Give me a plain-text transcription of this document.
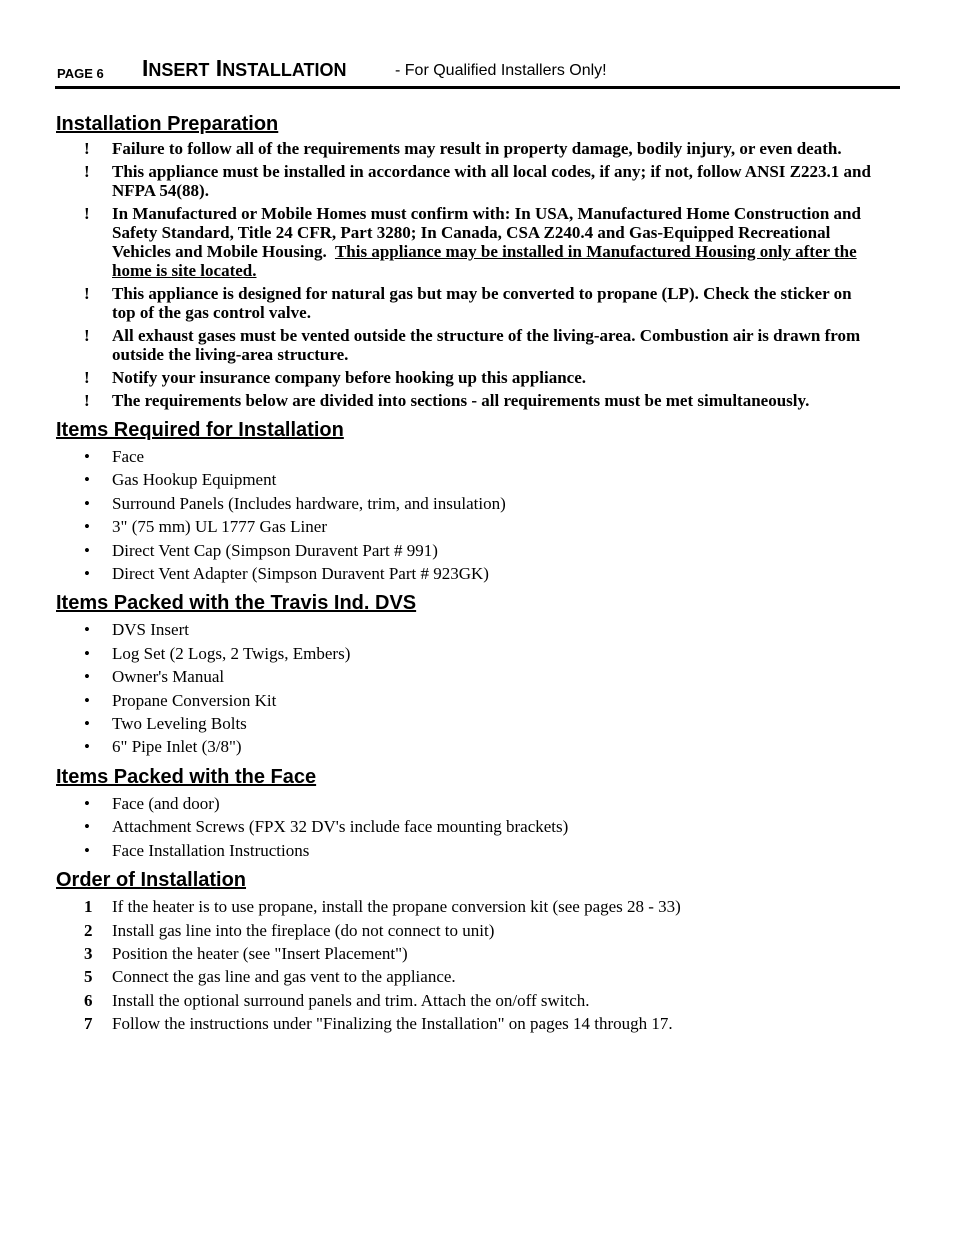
PAGE 6 INSERT INSTALLATION	- For Qualified Installers Only!
Installation Preparation
! Failure to follow all of the requirements may result in property damage, bodily injury, or even death.
! This appliance must be installed in accordance with all local codes, if any; if not, follow ANSI Z223.1 and NFPA 54(88).
! In Manufactured or Mobile Homes must confirm with: In USA, Manufactured Home Construction and Safety Standard, Title 24 CFR, Part 3280; In Canada, CSA Z240.4 and Gas-Equipped Recreational Vehicles and Mobile Housing. This appliance may be installed in Manufactured Housing only after the home is site located.
! This appliance is designed for natural gas but may be converted to propane (LP). Check the sticker on top of the gas control valve.
! All exhaust gases must be vented outside the structure of the living-area. Combustion air is drawn from outside the living-area structure.
! Notify your insurance company before hooking up this appliance.
! The requirements below are divided into sections - all requirements must be met simultaneously.
Items Required for Installation
• Face
• Gas Hookup Equipment
• Surround Panels (Includes hardware, trim, and insulation)
• 3" (75 mm) UL 1777 Gas Liner
• Direct Vent Cap (Simpson Duravent Part # 991)
• Direct Vent Adapter (Simpson Duravent Part # 923GK)
Items Packed with the Travis Ind. DVS
• DVS Insert
• Log Set (2 Logs, 2 Twigs, Embers)
• Owner's Manual
• Propane Conversion Kit
• Two Leveling Bolts
• 6" Pipe Inlet (3/8")
Items Packed with the Face
• Face (and door)
• Attachment Screws (FPX 32 DV's include face mounting brackets)
• Face Installation Instructions
Order of Installation
1 If the heater is to use propane, install the propane conversion kit (see pages 28 - 33)
2 Install gas line into the fireplace (do not connect to unit)
3 Position the heater (see "Insert Placement")
5 Connect the gas line and gas vent to the appliance.
6 Install the optional surround panels and trim. Attach the on/off switch.
7 Follow the instructions under "Finalizing the Installation" on pages 14 through 17.
